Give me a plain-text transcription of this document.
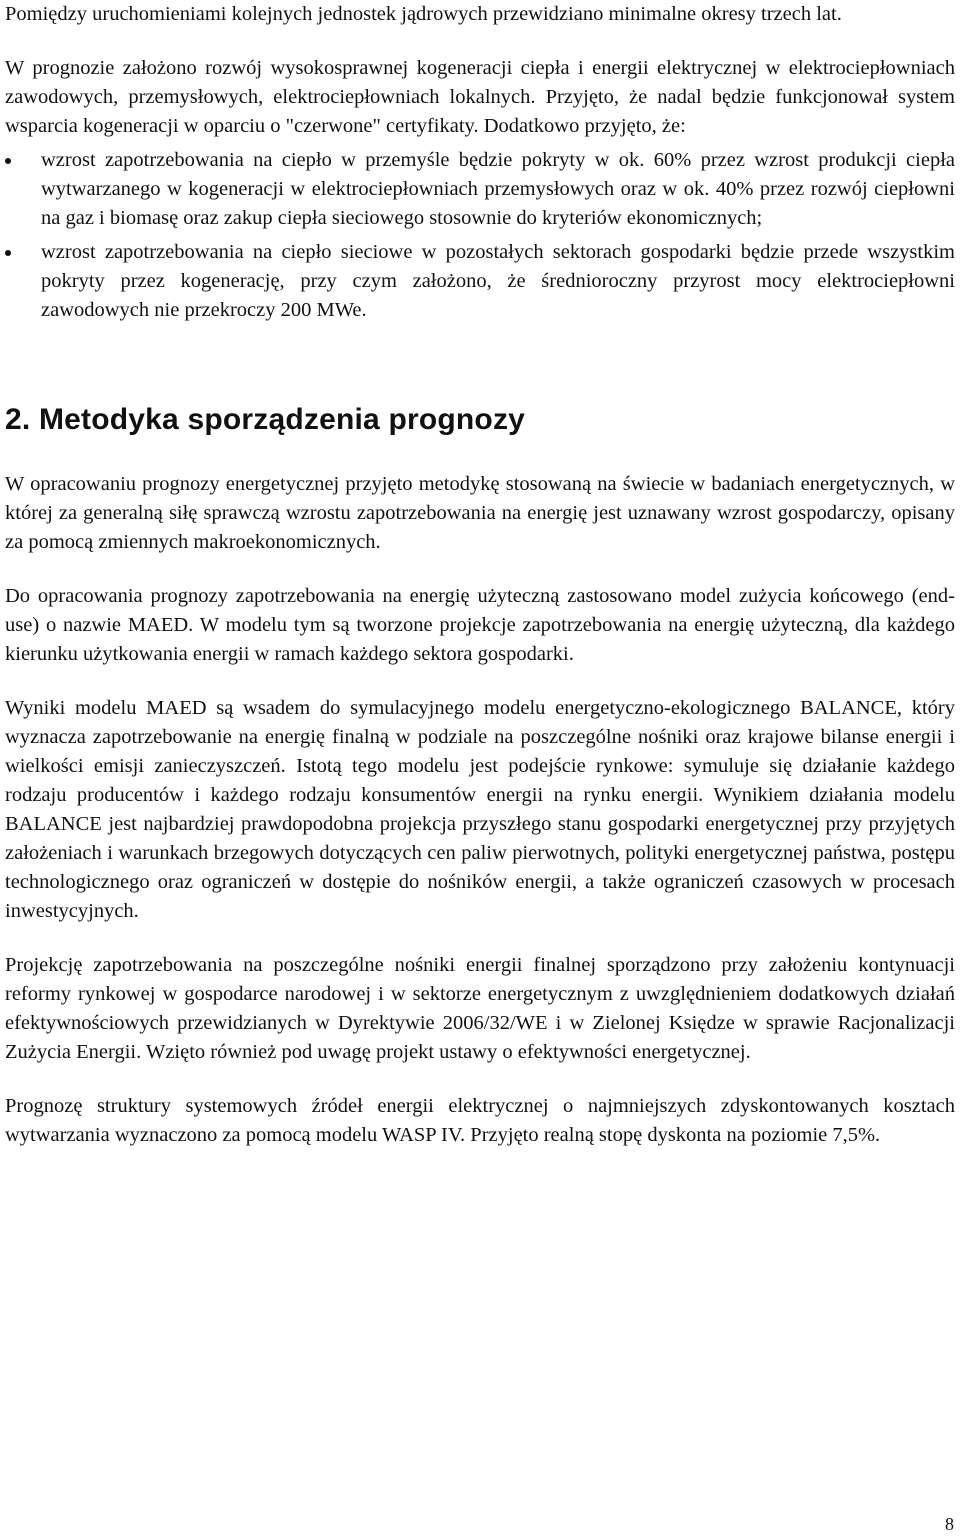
Pomiędzy uruchomieniami kolejnych jednostek jądrowych przewidziano minimalne okresy trzech lat.

W prognozie założono rozwój wysokosprawnej kogeneracji ciepła i energii elektrycznej w elektrociepłowniach zawodowych, przemysłowych, elektrociepłowniach lokalnych. Przyjęto, że nadal będzie funkcjonował system wsparcia kogeneracji w oparciu o "czerwone" certyfikaty. Dodatkowo przyjęto, że:

wzrost zapotrzebowania na ciepło w przemyśle będzie pokryty w ok. 60% przez wzrost produkcji ciepła wytwarzanego w kogeneracji w elektrociepłowniach przemysłowych oraz w ok. 40% przez rozwój ciepłowni na gaz i biomasę oraz zakup ciepła sieciowego stosownie do kryteriów ekonomicznych;
wzrost zapotrzebowania na ciepło sieciowe w pozostałych sektorach gospodarki będzie przede wszystkim pokryty przez kogenerację, przy czym założono, że średnioroczny przyrost mocy elektrociepłowni zawodowych nie przekroczy 200 MWe.
2. Metodyka sporządzenia prognozy

W opracowaniu prognozy energetycznej przyjęto metodykę stosowaną na świecie w badaniach energetycznych, w której za generalną siłę sprawczą wzrostu zapotrzebowania na energię jest uznawany wzrost gospodarczy, opisany za pomocą zmiennych makroekonomicznych.

Do opracowania prognozy zapotrzebowania na energię użyteczną zastosowano model zużycia końcowego (end-use) o nazwie MAED. W modelu tym są tworzone projekcje zapotrzebowania na energię użyteczną, dla każdego kierunku użytkowania energii w ramach każdego sektora gospodarki.

Wyniki modelu MAED są wsadem do symulacyjnego modelu energetyczno-ekologicznego BALANCE, który wyznacza zapotrzebowanie na energię finalną w podziale na poszczególne nośniki oraz krajowe bilanse energii i wielkości emisji zanieczyszczeń. Istotą tego modelu jest podejście rynkowe: symuluje się działanie każdego rodzaju producentów i każdego rodzaju konsumentów energii na rynku energii. Wynikiem działania modelu BALANCE jest najbardziej prawdopodobna projekcja przyszłego stanu gospodarki energetycznej przy przyjętych założeniach i warunkach brzegowych dotyczących cen paliw pierwotnych, polityki energetycznej państwa, postępu technologicznego oraz ograniczeń w dostępie do nośników energii, a także ograniczeń czasowych w procesach inwestycyjnych.

Projekcję zapotrzebowania na poszczególne nośniki energii finalnej sporządzono przy założeniu kontynuacji reformy rynkowej w gospodarce narodowej i w sektorze energetycznym z uwzględnieniem dodatkowych działań efektywnościowych przewidzianych w Dyrektywie 2006/32/WE i w Zielonej Księdze w sprawie Racjonalizacji Zużycia Energii. Wzięto również pod uwagę projekt ustawy o efektywności energetycznej.

Prognozę struktury systemowych źródeł energii elektrycznej o najmniejszych zdyskontowanych kosztach wytwarzania wyznaczono za pomocą modelu WASP IV. Przyjęto realną stopę dyskonta na poziomie 7,5%.

8
